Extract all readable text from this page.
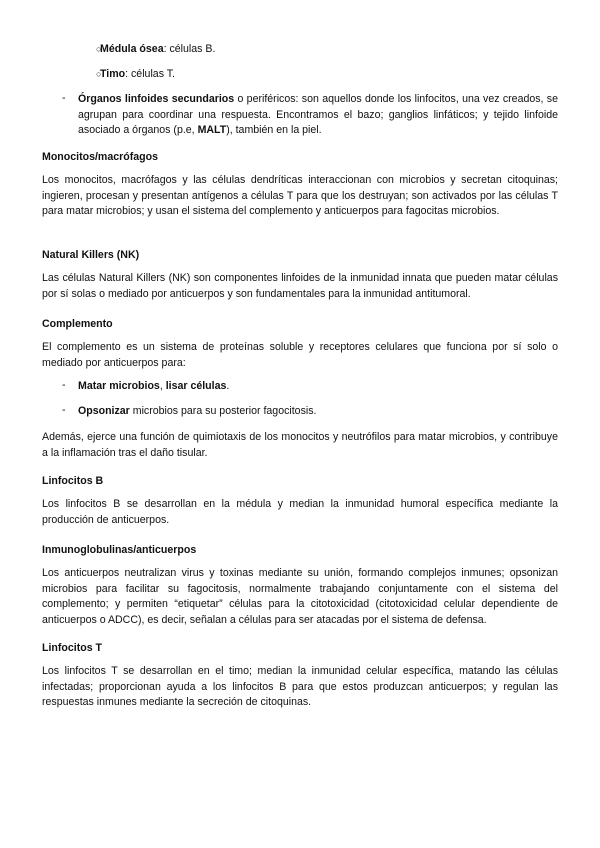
○

Médula ósea: células B.

○

Timo: células T.

- Órganos linfoides secundarios o periféricos: son aquellos donde los linfocitos, una vez creados, se agrupan para coordinar una respuesta. Encontramos el bazo; ganglios linfáticos; y tejido linfoide asociado a órganos (p.e, MALT), también en la piel.

Monocitos/macrófagos

Los monocitos, macrófagos y las células dendríticas interaccionan con microbios y secretan citoquinas; ingieren, procesan y presentan antígenos a células T para que los destruyan; son activados por las células T para matar microbios; y usan el sistema del complemento y anticuerpos para fagocitas microbios.

Natural Killers (NK)

Las células Natural Killers (NK) son componentes linfoides de la inmunidad innata que pueden matar células por sí solas o mediado por anticuerpos y son fundamentales para la inmunidad antitumoral.

Complemento

El complemento es un sistema de proteínas soluble y receptores celulares que funciona por sí solo o mediado por anticuerpos para:

- Matar microbios, lisar células.

- Opsonizar microbios para su posterior fagocitosis.

Además, ejerce una función de quimiotaxis de los monocitos y neutrófilos para matar microbios, y contribuye a la inflamación tras el daño tisular.

Linfocitos B

Los linfocitos B se desarrollan en la médula y median la inmunidad humoral específica mediante la producción de anticuerpos.

Inmunoglobulinas/anticuerpos

Los anticuerpos neutralizan virus y toxinas mediante su unión, formando complejos inmunes; opsonizan microbios para facilitar su fagocitosis, normalmente trabajando conjuntamente con el sistema del complemento; y permiten “etiquetar” células para la citotoxicidad (citotoxicidad celular dependiente de anticuerpos o ADCC), es decir, señalan a células para ser atacadas por el sistema de defensa.

Linfocitos T

Los linfocitos T se desarrollan en el timo; median la inmunidad celular específica, matando las células infectadas; proporcionan ayuda a los linfocitos B para que estos produzcan anticuerpos; y regulan las respuestas inmunes mediante la secreción de citoquinas.
